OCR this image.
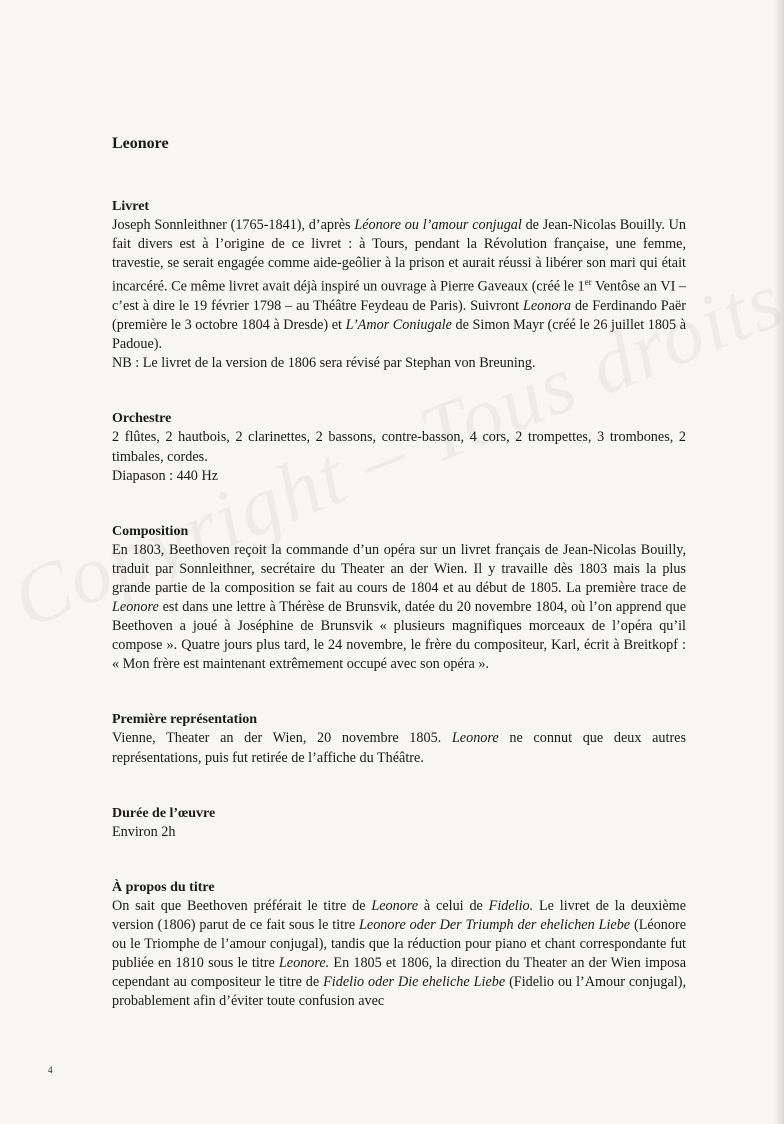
Leonore

Livret

Joseph Sonnleithner (1765-1841), d’après Léonore ou l’amour conjugal de Jean-Nicolas Bouilly. Un fait divers est à l’origine de ce livret : à Tours, pendant la Révolution française, une femme, travestie, se serait engagée comme aide-geôlier à la prison et aurait réussi à libérer son mari qui était incarcéré. Ce même livret avait déjà inspiré un ouvrage à Pierre Gaveaux (créé le 1er Ventôse an VI – c’est à dire le 19 février 1798 – au Théâtre Feydeau de Paris). Suivront Leonora de Ferdinando Paër (première le 3 octobre 1804 à Dresde) et L’Amor Coniugale de Simon Mayr (créé le 26 juillet 1805 à Padoue).

NB : Le livret de la version de 1806 sera révisé par Stephan von Breuning.

Orchestre

2 flûtes, 2 hautbois, 2 clarinettes, 2 bassons, contre-basson, 4 cors, 2 trompettes, 3 trombones, 2 timbales, cordes.

Diapason : 440 Hz

Composition

En 1803, Beethoven reçoit la commande d’un opéra sur un livret français de Jean-Nicolas Bouilly, traduit par Sonnleithner, secrétaire du Theater an der Wien. Il y travaille dès 1803 mais la plus grande partie de la composition se fait au cours de 1804 et au début de 1805. La première trace de Leonore est dans une lettre à Thérèse de Brunsvik, datée du 20 novembre 1804, où l’on apprend que Beethoven a joué à Joséphine de Brunsvik « plusieurs magnifiques morceaux de l’opéra qu’il compose ». Quatre jours plus tard, le 24 novembre, le frère du compositeur, Karl, écrit à Breitkopf : « Mon frère est maintenant extrêmement occupé avec son opéra ».

Première représentation

Vienne, Theater an der Wien, 20 novembre 1805. Leonore ne connut que deux autres représentations, puis fut retirée de l’affiche du Théâtre.

Durée de l’œuvre

Environ 2h

À propos du titre

On sait que Beethoven préférait le titre de Leonore à celui de Fidelio. Le livret de la deuxième version (1806) parut de ce fait sous le titre Leonore oder Der Triumph der ehelichen Liebe (Léonore ou le Triomphe de l’amour conjugal), tandis que la réduction pour piano et chant correspondante fut publiée en 1810 sous le titre Leonore. En 1805 et 1806, la direction du Theater an der Wien imposa cependant au compositeur le titre de Fidelio oder Die eheliche Liebe (Fidelio ou l’Amour conjugal), probablement afin d’éviter toute confusion avec

4
